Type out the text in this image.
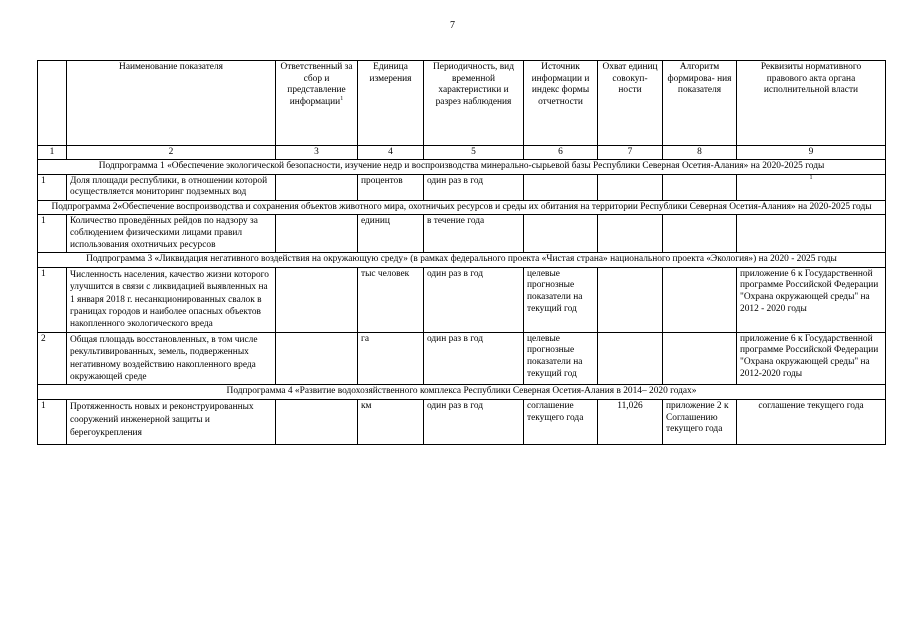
7
	Наименование показателя	Ответственный за сбор и представление информации$^1$	Единица измерения	Периодичность, вид временной характеристики и разрез наблюдения	Источник информации и индекс формы отчетности	Охват единиц совокуп- ности	Алгоритм формирова- ния показателя	Реквизиты нормативного правового акта органа исполнительной власти
1	2	3	4	5	6	7	8	9
Подпрограмма 1 «Обеспечение экологической безопасности, изучение недр и воспроизводства минерально-сырьевой базы Республики Северная Осетия-Алания» на 2020-2025 годы								
1	Доля площади республики, в отношении которой осуществляется мониторинг подземных вод		процентов	один раз в год				$^1$
Подпрограмма 2«Обеспечение воспроизводства и сохранения объектов животного мира, охотничьих ресурсов и среды их обитания на территории Республики Северная Осетия-Алания» на 2020-2025 годы								
1	Количество проведённых рейдов по надзору за соблюдением физическими лицами правил использования охотничьих ресурсов		единиц	в течение года				
Подпрограмма 3 «Ликвидация негативного воздействия на окружающую среду» (в рамках федерального проекта «Чистая страна» национального проекта «Экология») на 2020 - 2025 годы								
1	Численность населения, качество жизни которого улучшится в связи с ликвидацией выявленных на 1 января 2018 г. несанкционированных свалок в границах городов и наиболее опасных объектов накопленного экологического вреда		тыс человек	один раз в год	целевые прогнозные показатели на текущий год			приложение 6 к Государственной программе Российской Федерации "Охрана окружающей среды" на 2012 - 2020 годы
2	Общая площадь восстановленных, в том числе рекультивированных, земель, подверженных негативному воздействию накопленного вреда окружающей среде		га	один раз в год	целевые прогнозные показатели на текущий год			приложение 6 к Государственной программе Российской Федерации "Охрана окружающей среды" на 2012-2020 годы
Подпрограмма 4 «Развитие водохозяйственного комплекса Республики Северная Осетия-Алания в 2014– 2020 годах»								
1	Протяженность новых и реконструированных сооружений инженерной защиты и берегоукрепления		км	один раз в год	соглашение текущего года	11,026	приложение 2 к Соглашению текущего года	соглашение текущего года
